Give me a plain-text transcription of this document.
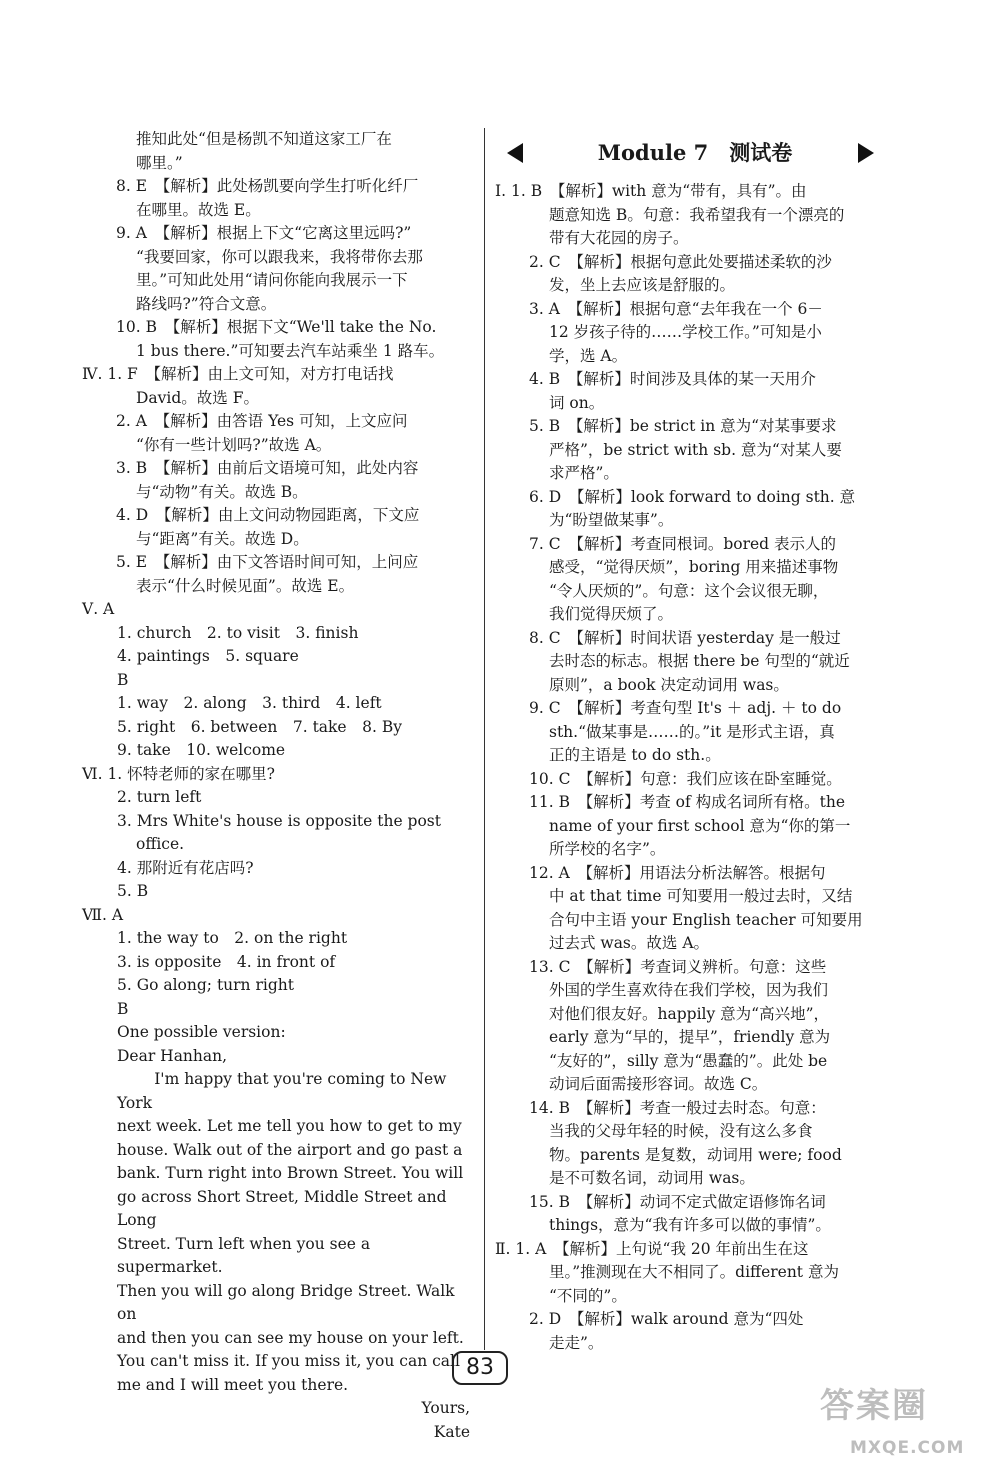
推知此处“但是杨凯不知道这家工厂在

哪里。”

8. E　【解析】此处杨凯要向学生打听化纤厂

在哪里。故选 E。

9. A　【解析】根据上下文“它离这里远吗?”

“我要回家，你可以跟我来，我将带你去那

里。”可知此处用“请问你能向我展示一下

路线吗?”符合文意。

10. B　【解析】根据下文“We'll take the No.

1 bus there.”可知要去汽车站乘坐 1 路车。

Ⅳ. 1. F　【解析】由上文可知，对方打电话找

David。故选 F。

2. A　【解析】由答语 Yes 可知，上文应问

“你有一些计划吗?”故选 A。

3. B　【解析】由前后文语境可知，此处内容

与“动物”有关。故选 B。

4. D　【解析】由上文问动物园距离，下文应

与“距离”有关。故选 D。

5. E　【解析】由下文答语时间可知，上问应

表示“什么时候见面”。故选 E。

Ⅴ. A

1. church　2. to visit　3. finish

4. paintings　5. square

B

1. way　2. along　3. third　4. left

5. right　6. between　7. take　8. By

9. take　10. welcome

Ⅵ. 1. 怀特老师的家在哪里?

2. turn left

3. Mrs White's house is opposite the post

office.

4. 那附近有花店吗?

5. B

Ⅶ. A

1. the way to　2. on the right

3. is opposite　4. in front of

5. Go along; turn right

B

One possible version:

Dear Hanhan,

I'm happy that you're coming to New York

next week. Let me tell you how to get to my

house. Walk out of the airport and go past a

bank. Turn right into Brown Street. You will

go across Short Street, Middle Street and Long

Street. Turn left when you see a supermarket.

Then you will go along Bridge Street. Walk on

and then you can see my house on your left.

You can't miss it. If you miss it, you can call

me and I will meet you there.

Yours,

Kate

Module 7　测试卷

Ⅰ. 1. B　【解析】with 意为“带有，具有”。由

题意知选 B。句意：我希望我有一个漂亮的

带有大花园的房子。

2. C　【解析】根据句意此处要描述柔软的沙

发，坐上去应该是舒服的。

3. A　【解析】根据句意“去年我在一个 6－

12 岁孩子待的……学校工作。”可知是小

学，选 A。

4. B　【解析】时间涉及具体的某一天用介

词 on。

5. B　【解析】be strict in 意为“对某事要求

严格”，be strict with sb. 意为“对某人要

求严格”。

6. D　【解析】look forward to doing sth. 意

为“盼望做某事”。

7. C　【解析】考查同根词。bored 表示人的

感受，“觉得厌烦”，boring 用来描述事物

“令人厌烦的”。句意：这个会议很无聊，

我们觉得厌烦了。

8. C　【解析】时间状语 yesterday 是一般过

去时态的标志。根据 there be 句型的“就近

原则”，a book 决定动词用 was。

9. C　【解析】考查句型 It's ＋ adj. ＋ to do

sth.“做某事是……的。”it 是形式主语，真

正的主语是 to do sth.。

10. C　【解析】句意：我们应该在卧室睡觉。

11. B　【解析】考查 of 构成名词所有格。the

name of your first school 意为“你的第一

所学校的名字”。

12. A　【解析】用语法分析法解答。根据句

中 at that time 可知要用一般过去时，又结

合句中主语 your English teacher 可知要用

过去式 was。故选 A。

13. C　【解析】考查词义辨析。句意：这些

外国的学生喜欢待在我们学校，因为我们

对他们很友好。happily 意为“高兴地”，

early 意为“早的，提早”，friendly 意为

“友好的”，silly 意为“愚蠢的”。此处 be

动词后面需接形容词。故选 C。

14. B　【解析】考查一般过去时态。句意：

当我的父母年轻的时候，没有这么多食

物。parents 是复数，动词用 were; food

是不可数名词，动词用 was。

15. B　【解析】动词不定式做定语修饰名词

things，意为“我有许多可以做的事情”。

Ⅱ. 1. A　【解析】上句说“我 20 年前出生在这

里。”推测现在大不相同了。different 意为

“不同的”。

2. D　【解析】walk around 意为“四处

走走”。

83
答案圈
MXQE.COM
